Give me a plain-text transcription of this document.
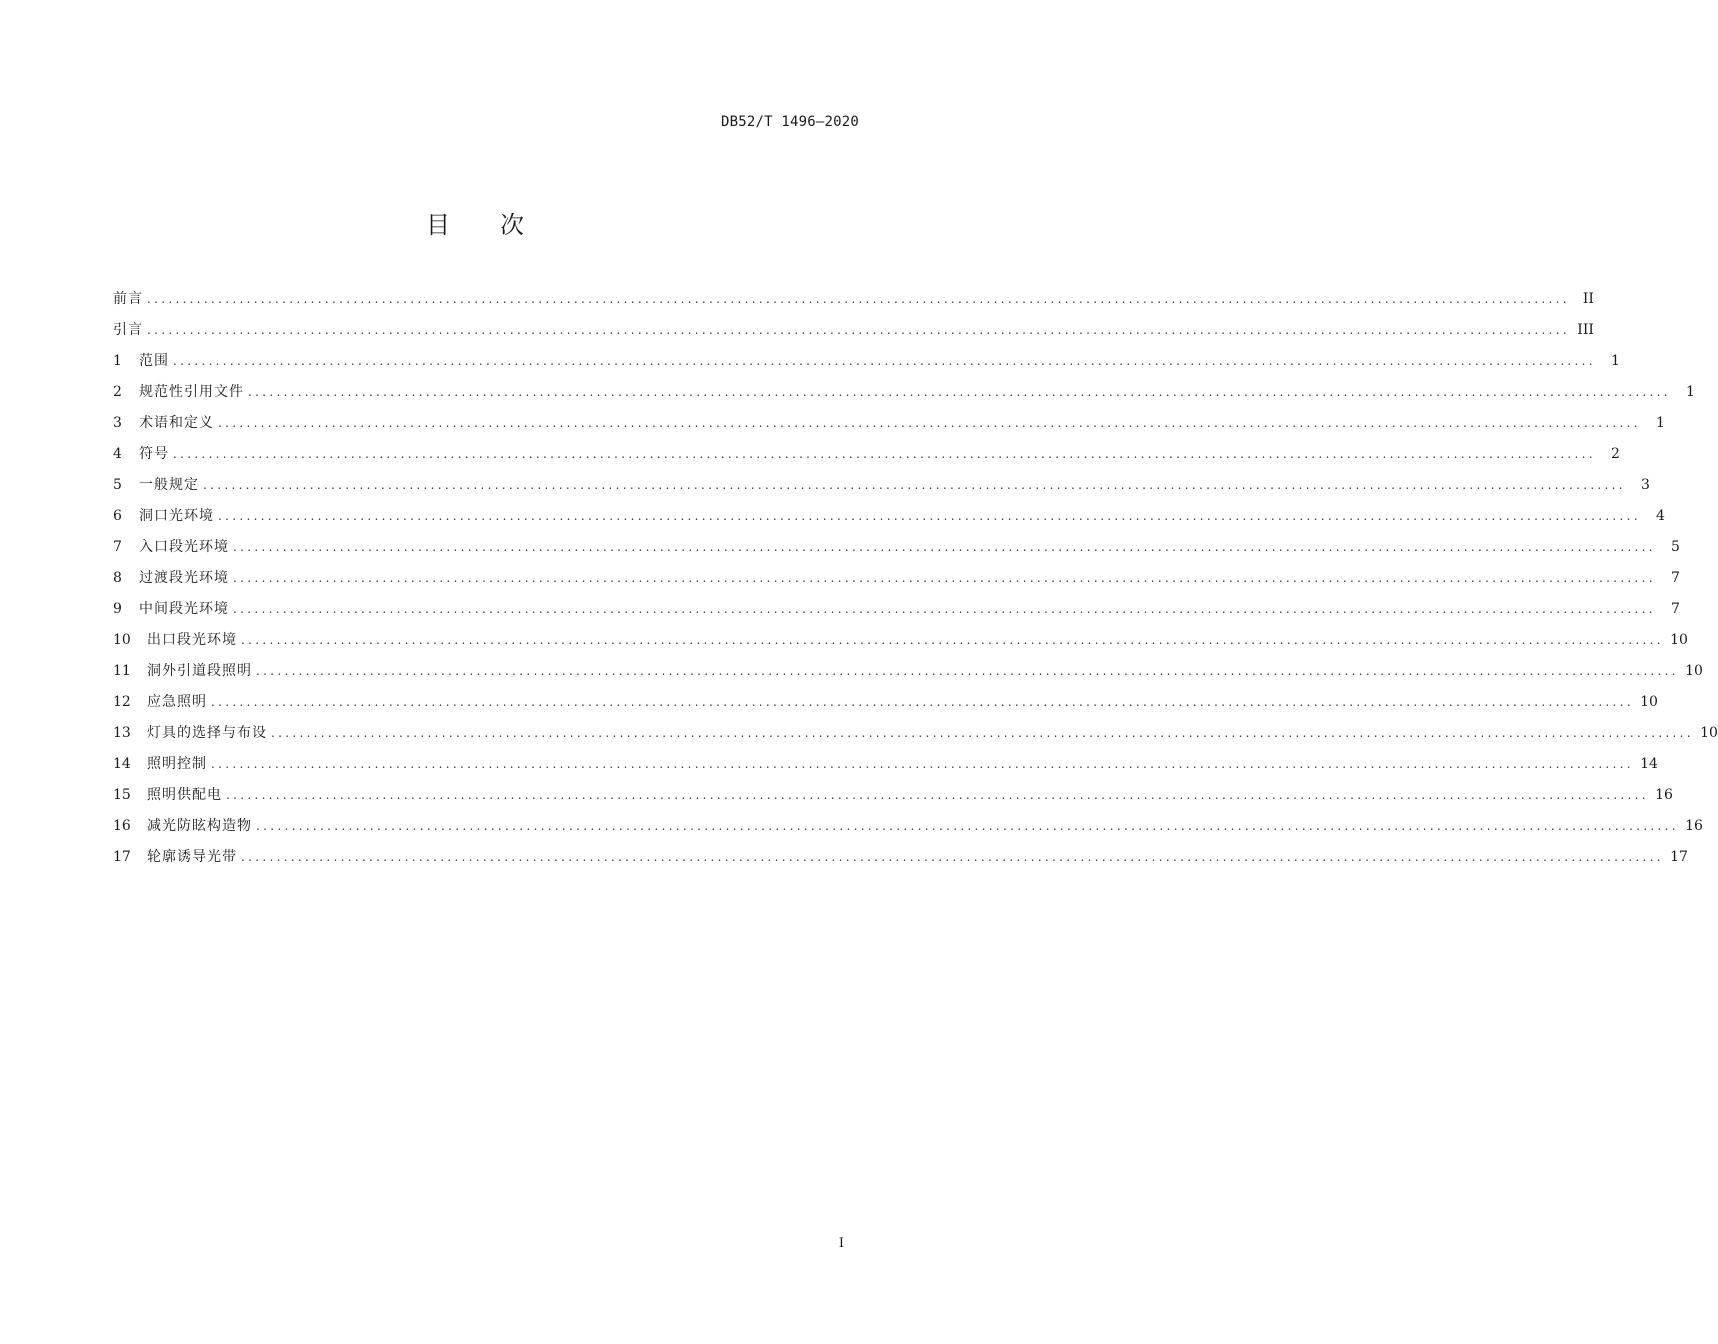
DB52/T 1496—2020
目 次
前言 ........................................................................................................................................................................................................ II
引言 ........................................................................................................................................................................................................ III
1	范围 ........................................................................................................................................................................................................	1
2	规范性引用文件 ........................................................................................................................................................................................................	1
3	术语和定义 ........................................................................................................................................................................................................	1
4	符号 ........................................................................................................................................................................................................	2
5	一般规定 ........................................................................................................................................................................................................	3
6	洞口光环境 ........................................................................................................................................................................................................	4
7	入口段光环境 ........................................................................................................................................................................................................	5
8	过渡段光环境 ........................................................................................................................................................................................................	7
9	中间段光环境 ........................................................................................................................................................................................................	7
10	出口段光环境 ........................................................................................................................................................................................................ 10
11	洞外引道段照明 ........................................................................................................................................................................................................ 10
12	应急照明 ........................................................................................................................................................................................................ 10
13	灯具的选择与布设 ........................................................................................................................................................................................................ 10
14	照明控制 ........................................................................................................................................................................................................ 14
15	照明供配电 ........................................................................................................................................................................................................ 16
16	减光防眩构造物 ........................................................................................................................................................................................................ 16
17	轮廓诱导光带 ........................................................................................................................................................................................................ 17
I
